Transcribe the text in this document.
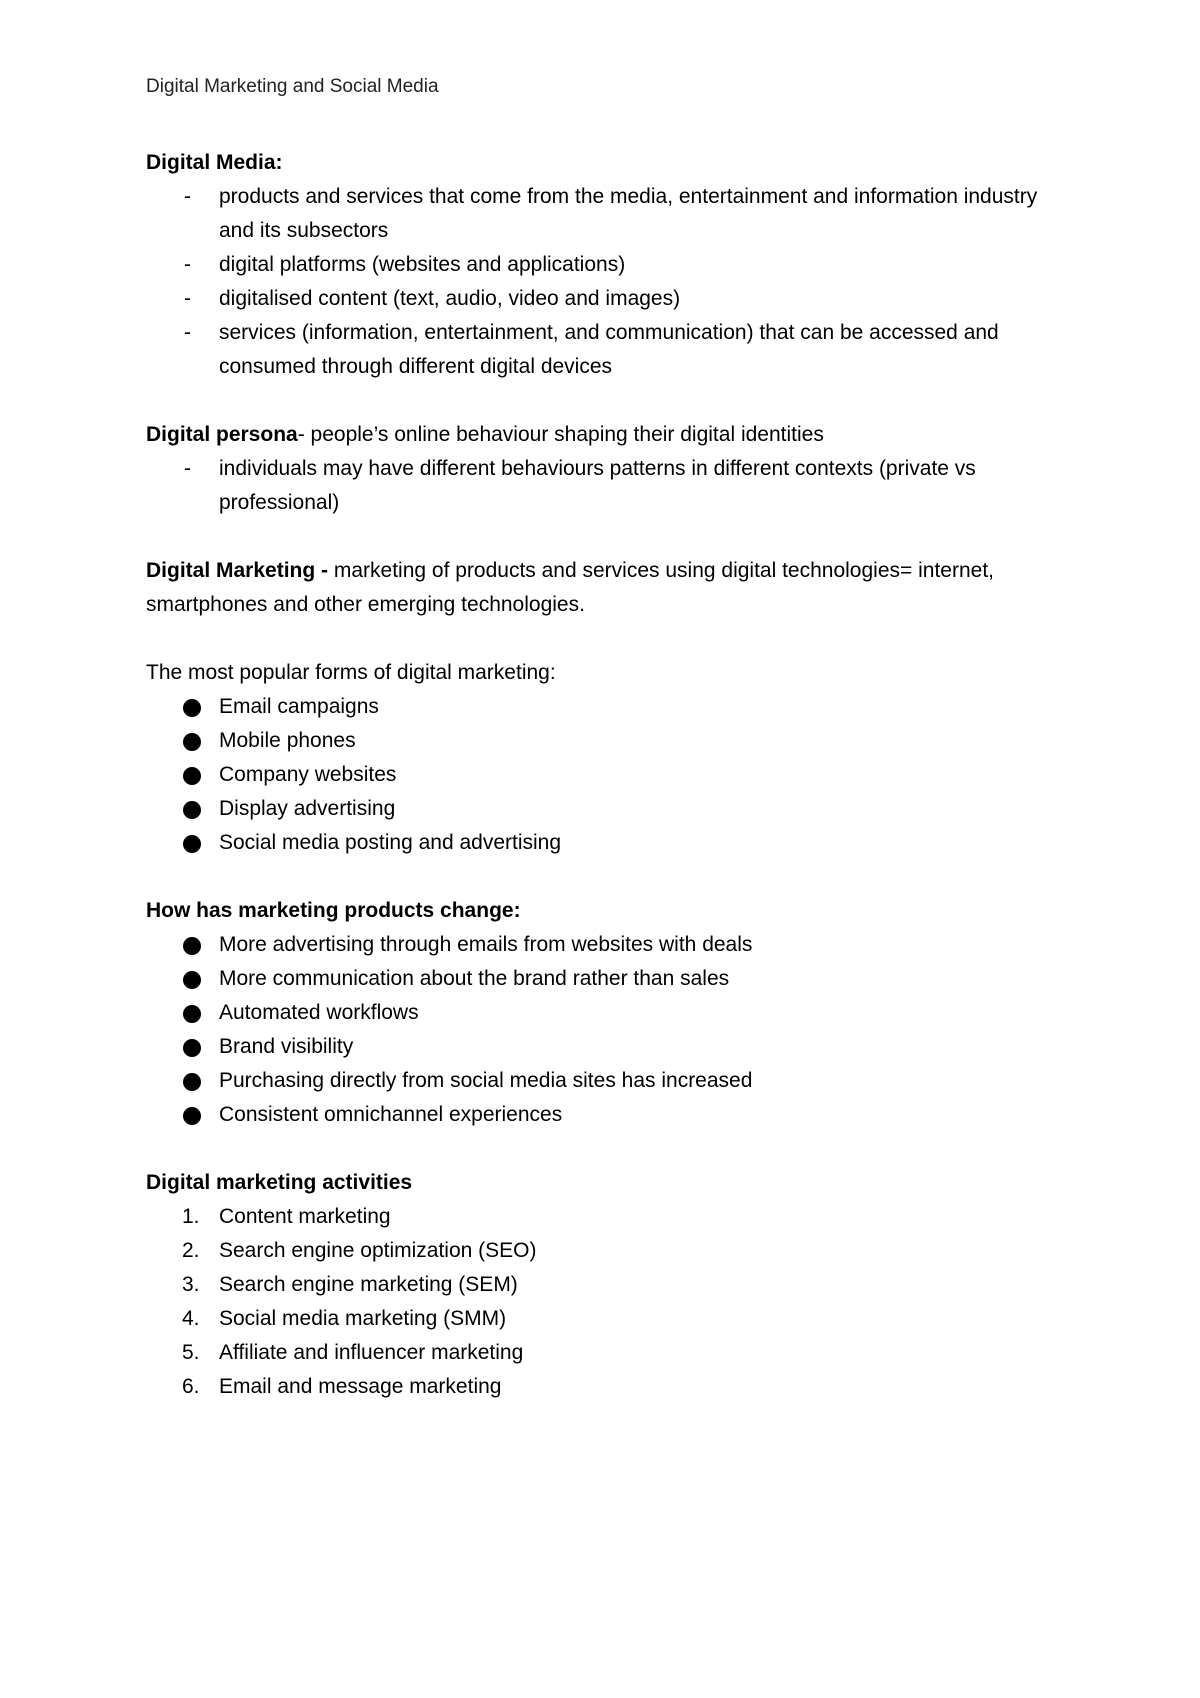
Digital Marketing and Social Media
Digital Media:
- products and services that come from the media, entertainment and information industry and its subsectors
- digital platforms (websites and applications)
- digitalised content (text, audio, video and images)
- services (information, entertainment, and communication) that can be accessed and consumed through different digital devices
Digital persona- people’s online behaviour shaping their digital identities
- individuals may have different behaviours patterns in different contexts (private vs professional)
Digital Marketing - marketing of products and services using digital technologies= internet, smartphones and other emerging technologies.
The most popular forms of digital marketing:
Email campaigns
Mobile phones
Company websites
Display advertising
Social media posting and advertising
How has marketing products change:
More advertising through emails from websites with deals
More communication about the brand rather than sales
Automated workflows
Brand visibility
Purchasing directly from social media sites has increased
Consistent omnichannel experiences
Digital marketing activities
1. Content marketing
2. Search engine optimization (SEO)
3. Search engine marketing (SEM)
4. Social media marketing (SMM)
5. Affiliate and influencer marketing
6. Email and message marketing
